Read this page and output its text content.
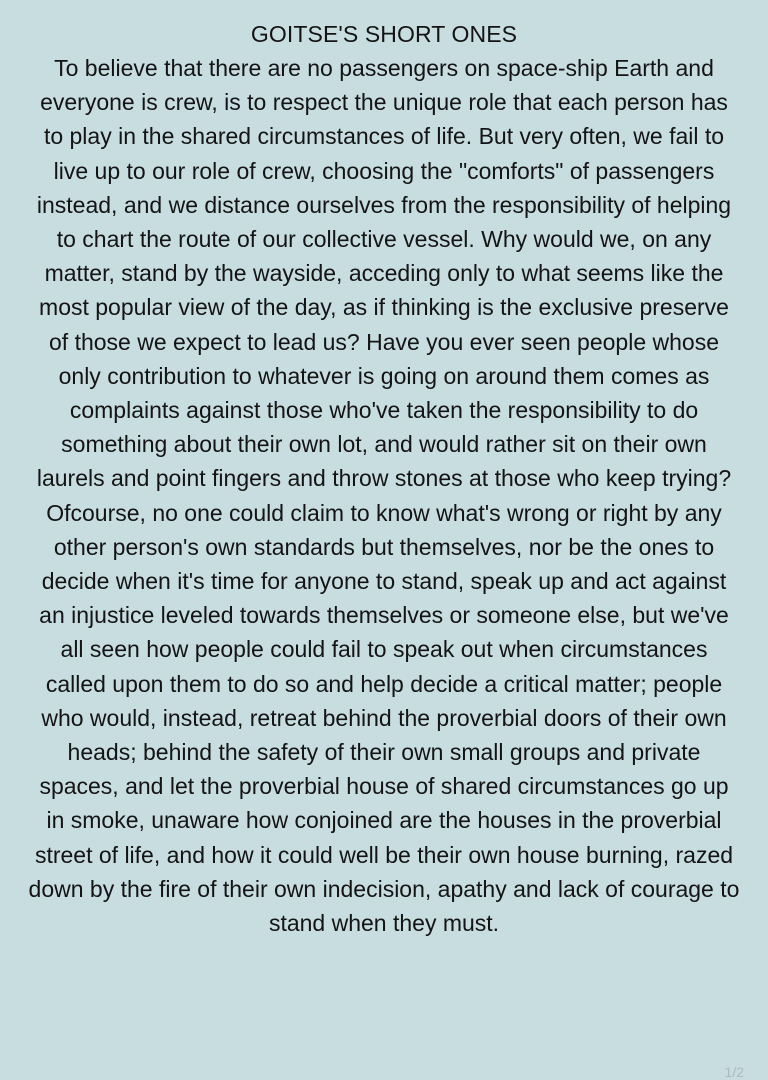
GOITSE'S SHORT ONES

To believe that there are no passengers on space-ship Earth and everyone is crew, is to respect the unique role that each person has to play in the shared circumstances of life. But very often, we fail to live up to our role of crew, choosing the "comforts" of passengers instead, and we distance ourselves from the responsibility of helping to chart the route of our collective vessel. Why would we, on any matter, stand by the wayside, acceding only to what seems like the most popular view of the day, as if thinking is the exclusive preserve of those we expect to lead us? Have you ever seen people whose only contribution to whatever is going on around them comes as complaints against those who've taken the responsibility to do something about their own lot, and would rather sit on their own laurels and point fingers and throw stones at those who keep trying? Ofcourse, no one could claim to know what's wrong or right by any other person's own standards but themselves, nor be the ones to decide when it's time for anyone to stand, speak up and act against an injustice leveled towards themselves or someone else, but we've all seen how people could fail to speak out when circumstances called upon them to do so and help decide a critical matter; people who would, instead, retreat behind the proverbial doors of their own heads; behind the safety of their own small groups and private spaces, and let the proverbial house of shared circumstances go up in smoke, unaware how conjoined are the houses in the proverbial street of life, and how it could well be their own house burning, razed down by the fire of their own indecision, apathy and lack of courage to stand when they must.

1/2
